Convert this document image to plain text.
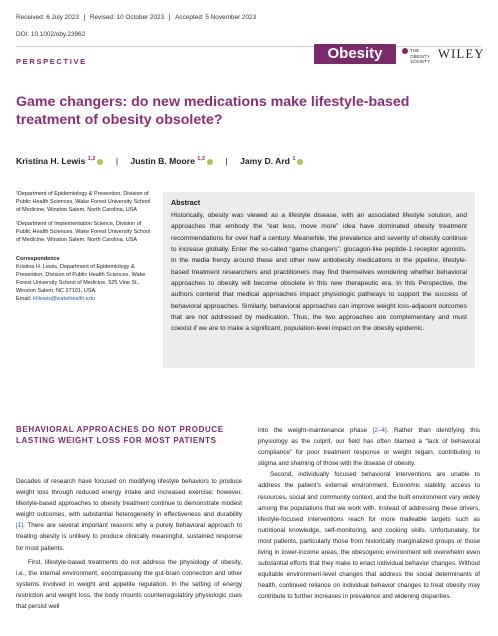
Received: 6 July 2023 Revised: 10 October 2023 Accepted: 5 November 2023
DOI: 10.1002/oby.23962
PERSPECTIVE	Obesity	THE
OBESITY
SOCIETY
WILEY
Game changers: do new medications make lifestyle-based treatment of obesity obsolete?
Kristina H. Lewis $^{1,2}$ | Justin B. Moore $^{1,2}$ | Jamy D. Ard $^1$

¹Department of Epidemiology & Prevention, Division of Public Health Sciences, Wake Forest University School of Medicine, Winston Salem, North Carolina, USA

²Department of Implementation Science, Division of Public Health Sciences, Wake Forest University School of Medicine, Winston Salem, North Carolina, USA

Correspondence

Kristina H. Lewis, Department of Epidemiology & Prevention, Division of Public Health Sciences, Wake Forest University School of Medicine, 525 Vine St., Winston Salem, NC 27101, USA.

Email: khlewis@wakehealth.edu

Abstract
Historically, obesity was viewed as a lifestyle disease, with an associated lifestyle solution, and approaches that embody the “eat less, move more” idea have dominated obesity treatment recommendations for over half a century. Meanwhile, the prevalence and severity of obesity continue to increase globally. Enter the so-called “game changers”: glucagon-like peptide-1 receptor agonists. In the media frenzy around these and other new antiobesity medications in the pipeline, lifestyle-based treatment researchers and practitioners may find themselves wondering whether behavioral approaches to obesity will become obsolete in this new therapeutic era. In this Perspective, the authors contend that medical approaches impact physiologic pathways to support the success of behavioral approaches. Similarly, behavioral approaches can improve weight loss-adjacent outcomes that are not addressed by medication. Thus, the two approaches are complementary and must coexist if we are to make a significant, population-level impact on the obesity epidemic.
BEHAVIORAL APPROACHES DO NOT PRODUCE LASTING WEIGHT LOSS FOR MOST PATIENTS

Decades of research have focused on modifying lifestyle behaviors to produce weight loss through reduced energy intake and increased exercise; however, lifestyle-based approaches to obesity treatment continue to demonstrate modest weight outcomes, with substantial heterogeneity in effectiveness and durability [1]. There are several important reasons why a purely behavioral approach to treating obesity is unlikely to produce clinically meaningful, sustained response for most patients.

First, lifestyle-based treatments do not address the physiology of obesity, i.e., the internal environment, encompassing the gut-brain connection and other systems involved in weight and appetite regulation. In the setting of energy restriction and weight loss, the body mounts counterregulatory physiologic cues that persist well

into the weight-maintenance phase [2–4]. Rather than identifying this physiology as the culprit, our field has often blamed a “lack of behavioral compliance” for poor treatment response or weight regain, contributing to stigma and shaming of those with the disease of obesity.

Second, individually focused behavioral interventions are unable to address the patient’s external environment. Economic stability, access to resources, social and community context, and the built environment vary widely among the populations that we work with. Instead of addressing these drivers, lifestyle-focused interventions reach for more malleable targets such as nutritional knowledge, self-monitoring, and cooking skills. Unfortunately, for most patients, particularly those from historically marginalized groups or those living in lower-income areas, the obesogenic environment will overwhelm even substantial efforts that they make to enact individual behavior changes. Without equitable environment-level changes that address the social determinants of health, continued reliance on individual behavior changes to treat obesity may contribute to further increases in prevalence and widening disparities.
